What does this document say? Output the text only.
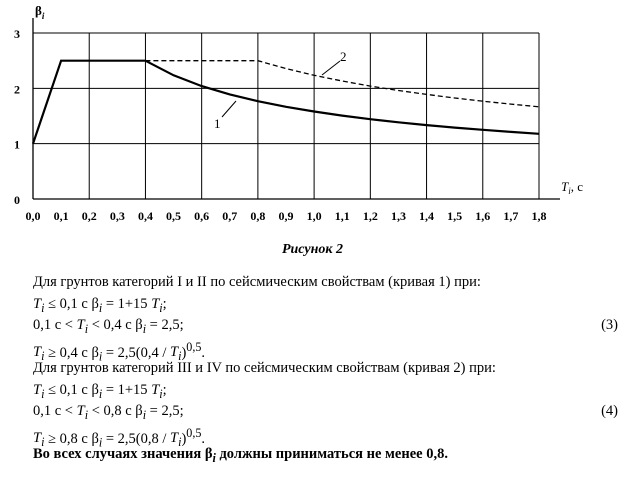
0,0 0,1 0,2 0,3 0,4 0,5 0,6 0,7 0,8 0,9 1,0 1,1 1,2 1,3 1,4 1,5 1,6 1,7 1,8
0
1
2
3
$\beta_i$
$T_i$, с
1
2
Рисунок 2
Для грунтов категорий I и II по сейсмическим свойствам (кривая 1) при:
$T_i \le 0,1$ с $\beta_i = 1+15$ $T_i$;
0,1 $с < T_i < 0,4$ с $\beta_i = 2,5$;	(3)
$T_i \ge 0,4$ с $\beta_i = 2,5(0,4 / T_i)^{0,5}$.
Для грунтов категорий III и IV по сейсмическим свойствам (кривая 2) при:
$T_i \le 0,1$ с $\beta_i = 1+15$ $T_i$;
0,1 $с < T_i < 0,8$ с $\beta_i = 2,5$;	(4)
$T_i \ge 0,8$ с $\beta_i = 2,5(0,8 / T_i)^{0,5}$.
Во всех случаях значения $\beta_i$ должны приниматься не менее 0,8.
